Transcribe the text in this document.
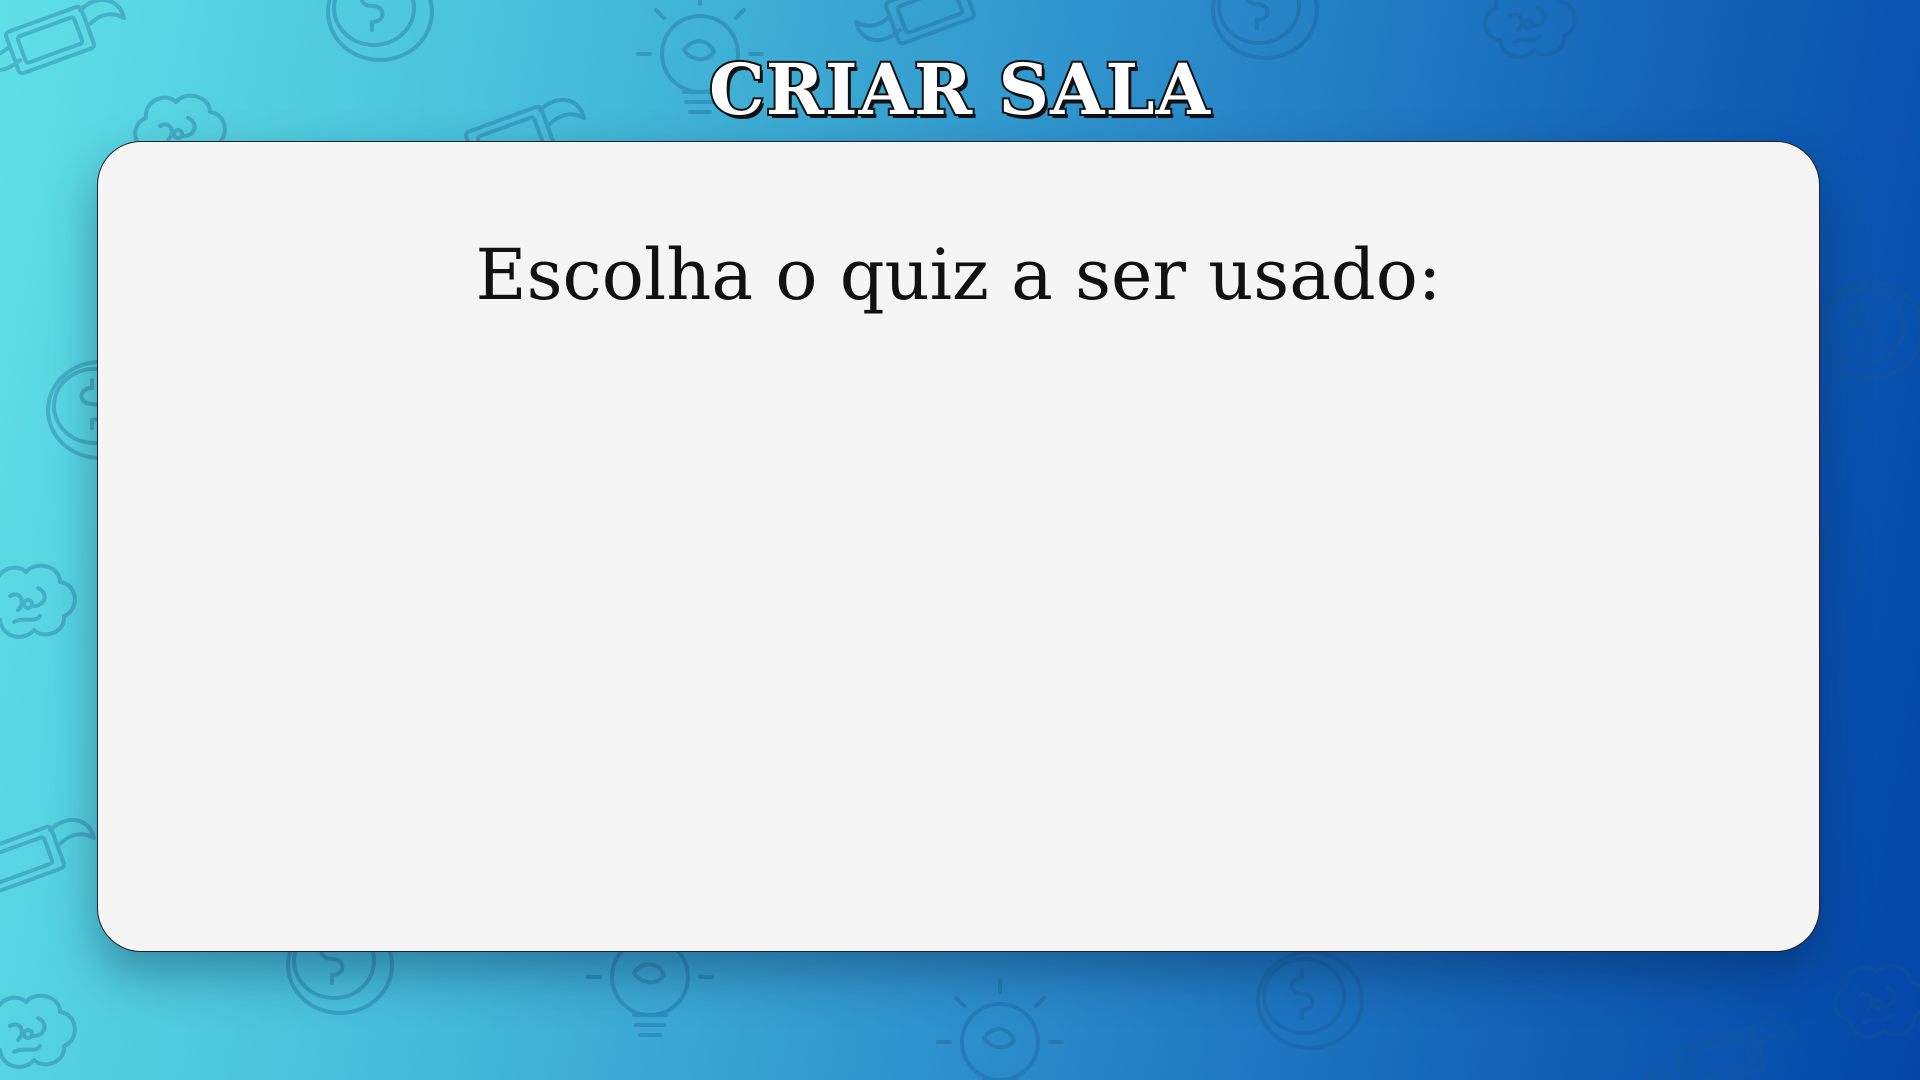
CRIAR SALA
Escolha o quiz a ser usado:
